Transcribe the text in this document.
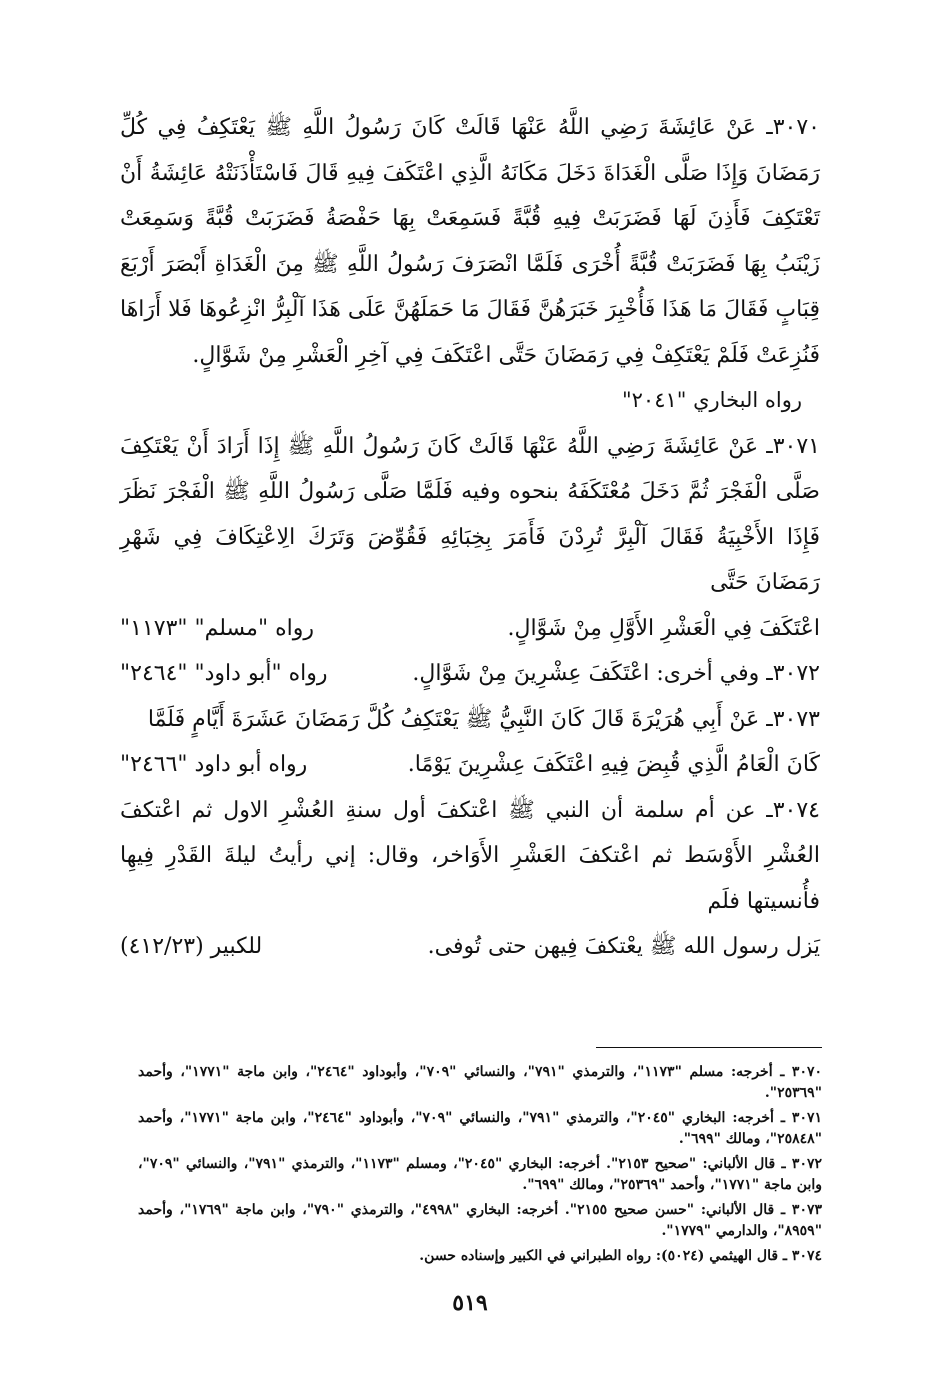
٣٠٧٠ـ عَنْ عَائِشَةَ رَضِي اللَّهُ عَنْهَا قَالَتْ كَانَ رَسُولُ اللَّهِ ﷺ يَعْتَكِفُ فِي كُلِّ رَمَضَانَ وَإِذَا صَلَّى الْغَدَاةَ دَخَلَ مَكَانَهُ الَّذِي اعْتَكَفَ فِيهِ قَالَ فَاسْتَأْذَنَتْهُ عَائِشَةُ أَنْ تَعْتَكِفَ فَأَذِنَ لَهَا فَضَرَبَتْ فِيهِ قُبَّةً فَسَمِعَتْ بِهَا حَفْصَةُ فَضَرَبَتْ قُبَّةً وَسَمِعَتْ زَيْنَبُ بِهَا فَضَرَبَتْ قُبَّةً أُخْرَى فَلَمَّا انْصَرَفَ رَسُولُ اللَّهِ ﷺ مِنَ الْغَدَاةِ أَبْصَرَ أَرْبَعَ قِبَابٍ فَقَالَ مَا هَذَا فَأُخْبِرَ خَبَرَهُنَّ فَقَالَ مَا حَمَلَهُنَّ عَلَى هَذَا آلْبِرُّ انْزِعُوهَا فَلا أَرَاهَا فَنُزِعَتْ فَلَمْ يَعْتَكِفْ فِي رَمَضَانَ حَتَّى اعْتَكَفَ فِي آخِرِ الْعَشْرِ مِنْ شَوَّالٍ.

رواه البخاري "٢٠٤١"

٣٠٧١ـ عَنْ عَائِشَةَ رَضِي اللَّهُ عَنْهَا قَالَتْ كَانَ رَسُولُ اللَّهِ ﷺ إِذَا أَرَادَ أَنْ يَعْتَكِفَ صَلَّى الْفَجْرَ ثُمَّ دَخَلَ مُعْتَكَفَهُ بنحوه وفيه فَلَمَّا صَلَّى رَسُولُ اللَّهِ ﷺ الْفَجْرَ نَظَرَ فَإِذَا الأَخْبِيَةُ فَقَالَ آلْبِرَّ تُرِدْنَ فَأَمَرَ بِخِبَائِهِ فَقُوِّضَ وَتَرَكَ الِاعْتِكَافَ فِي شَهْرِ رَمَضَانَ حَتَّى

اعْتَكَفَ فِي الْعَشْرِ الأَوَّلِ مِنْ شَوَّالٍ.
رواه "مسلم" "١١٧٣"
٣٠٧٢ـ وفي أخرى: اعْتَكَفَ عِشْرِينَ مِنْ شَوَّالٍ.
رواه "أبو داود" "٢٤٦٤"

٣٠٧٣ـ عَنْ أَبِي هُرَيْرَةَ قَالَ كَانَ النَّبِيُّ ﷺ يَعْتَكِفُ كُلَّ رَمَضَانَ عَشَرَةَ أَيَّامٍ فَلَمَّا

كَانَ الْعَامُ الَّذِي قُبِضَ فِيهِ اعْتَكَفَ عِشْرِينَ يَوْمًا.
رواه أبو داود "٢٤٦٦"

٣٠٧٤ـ عن أم سلمة أن النبي ﷺ اعْتكفَ أول سنةِ العُشْرِ الاول ثم اعْتكفَ العُشْرِ الأَوْسَط ثم اعْتكفَ العَشْرِ الأَوَاخر، وقال: إني رأيتُ ليلةَ القَدْرِ فِيهِا فأُنسيتها فلَم

يَزل رسول الله ﷺ يعْتكفَ فِيهن حتى تُوفى.
للكبير (٤١٢/٢٣)

٣٠٧٠ ـ أخرجه: مسلم "١١٧٣"، والترمذي "٧٩١"، والنسائي "٧٠٩"، وأبوداود "٢٤٦٤"، وابن ماجة "١٧٧١"، وأحمد "٢٥٣٦٩".

٣٠٧١ ـ أخرجه: البخاري "٢٠٤٥"، والترمذي "٧٩١"، والنسائي "٧٠٩"، وأبوداود "٢٤٦٤"، وابن ماجة "١٧٧١"، وأحمد "٢٥٨٤٨"، ومالك "٦٩٩".

٣٠٧٢ ـ قال الألباني: "صحيح ٢١٥٣". أخرجه: البخاري "٢٠٤٥"، ومسلم "١١٧٣"، والترمذي "٧٩١"، والنسائي "٧٠٩"، وابن ماجة "١٧٧١"، وأحمد "٢٥٣٦٩"، ومالك "٦٩٩".

٣٠٧٣ ـ قال الألباني: "حسن صحيح ٢١٥٥". أخرجه: البخاري "٤٩٩٨"، والترمذي "٧٩٠"، وابن ماجة "١٧٦٩"، وأحمد "٨٩٥٩"، والدارمي "١٧٧٩".

٣٠٧٤ ـ قال الهيثمي (٥٠٢٤): رواه الطبراني في الكبير وإسناده حسن.

٥١٩
